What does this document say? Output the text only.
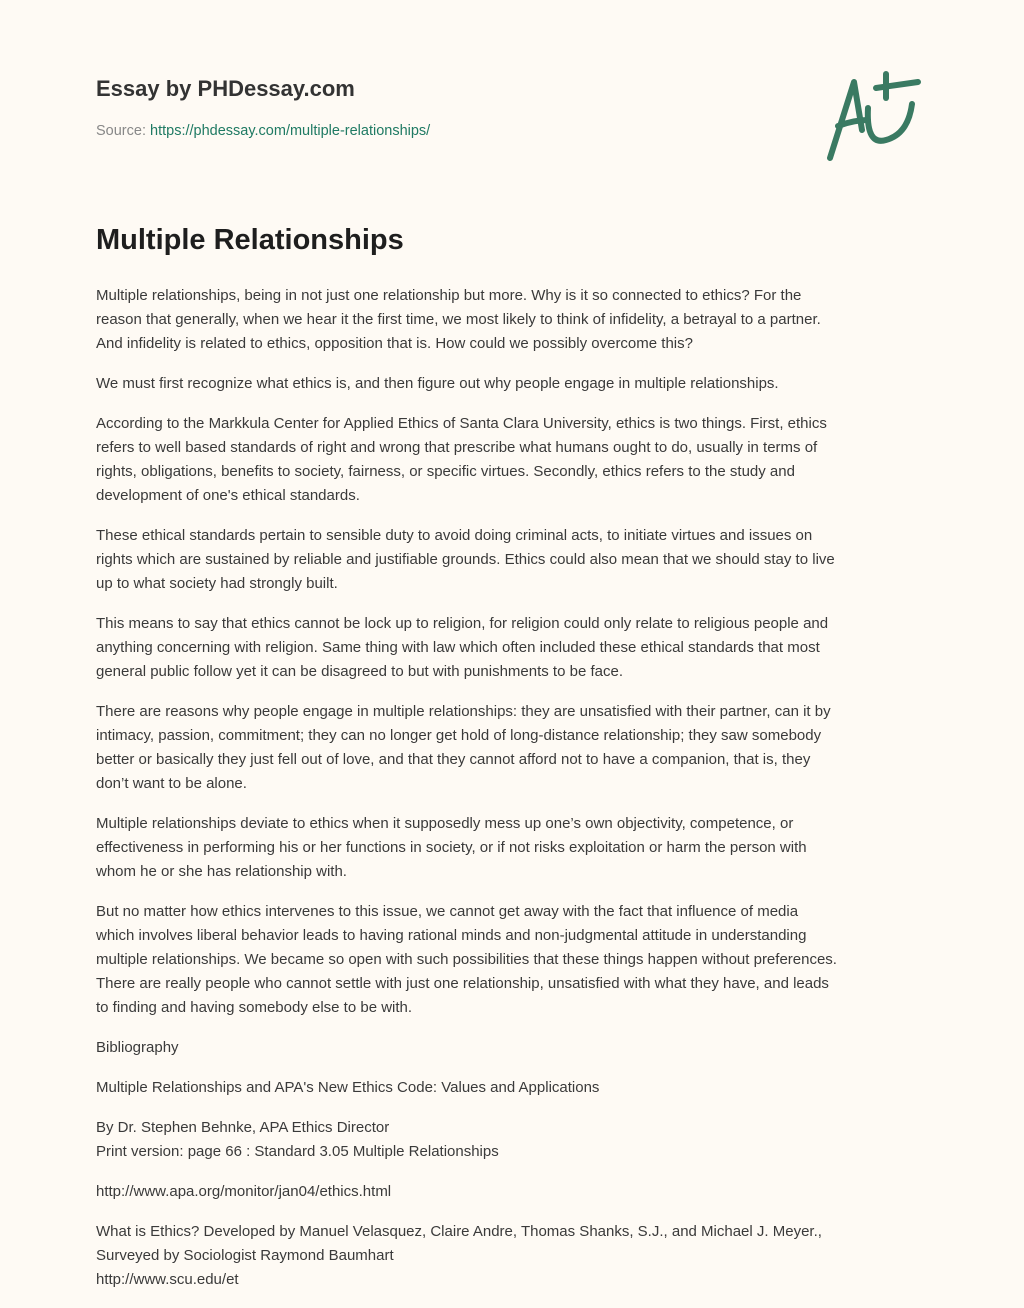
Essay by PHDessay.com
Source: https://phdessay.com/multiple-relationships/
Multiple Relationships

Multiple relationships, being in not just one relationship but more. Why is it so connected to ethics? For the
reason that generally, when we hear it the first time, we most likely to think of infidelity, a betrayal to a partner.
And infidelity is related to ethics, opposition that is. How could we possibly overcome this?

We must first recognize what ethics is, and then figure out why people engage in multiple relationships.

According to the Markkula Center for Applied Ethics of Santa Clara University, ethics is two things. First, ethics
refers to well based standards of right and wrong that prescribe what humans ought to do, usually in terms of
rights, obligations, benefits to society, fairness, or specific virtues. Secondly, ethics refers to the study and
development of one's ethical standards.

These ethical standards pertain to sensible duty to avoid doing criminal acts, to initiate virtues and issues on
rights which are sustained by reliable and justifiable grounds. Ethics could also mean that we should stay to live
up to what society had strongly built.

This means to say that ethics cannot be lock up to religion, for religion could only relate to religious people and
anything concerning with religion. Same thing with law which often included these ethical standards that most
general public follow yet it can be disagreed to but with punishments to be face.

There are reasons why people engage in multiple relationships: they are unsatisfied with their partner, can it by
intimacy, passion, commitment; they can no longer get hold of long-distance relationship; they saw somebody
better or basically they just fell out of love, and that they cannot afford not to have a companion, that is, they
don’t want to be alone.

Multiple relationships deviate to ethics when it supposedly mess up one’s own objectivity, competence, or
effectiveness in performing his or her functions in society, or if not risks exploitation or harm the person with
whom he or she has relationship with.

But no matter how ethics intervenes to this issue, we cannot get away with the fact that influence of media
which involves liberal behavior leads to having rational minds and non-judgmental attitude in understanding
multiple relationships. We became so open with such possibilities that these things happen without preferences.
There are really people who cannot settle with just one relationship, unsatisfied with what they have, and leads
to finding and having somebody else to be with.

Bibliography

Multiple Relationships and APA's New Ethics Code: Values and Applications

By Dr. Stephen Behnke, APA Ethics Director
Print version: page 66 : Standard 3.05 Multiple Relationships

http://www.apa.org/monitor/jan04/ethics.html

What is Ethics? Developed by Manuel Velasquez, Claire Andre, Thomas Shanks, S.J., and Michael J. Meyer.,
Surveyed by Sociologist Raymond Baumhart
http://www.scu.edu/et
